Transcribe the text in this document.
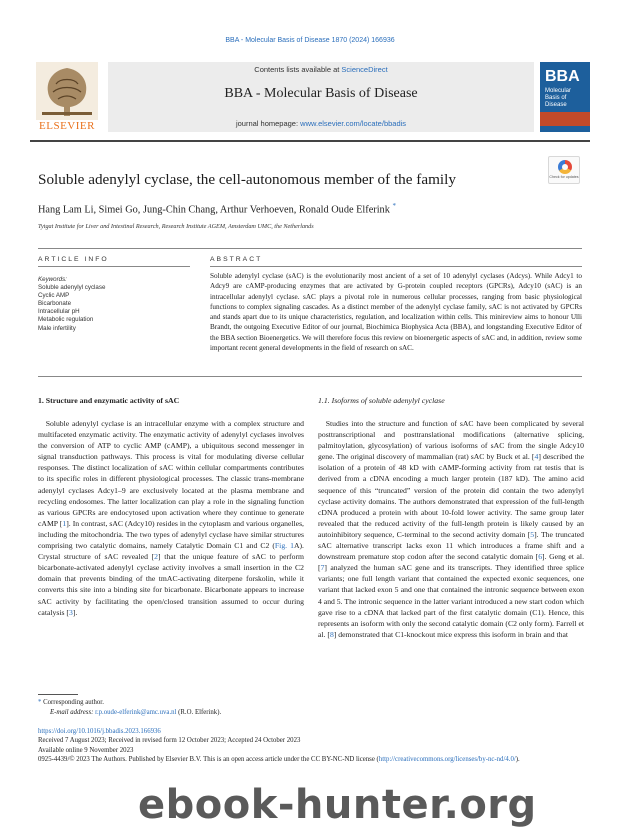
BBA - Molecular Basis of Disease 1870 (2024) 166936
ELSEVIER
Contents lists available at ScienceDirect
BBA - Molecular Basis of Disease
journal homepage: www.elsevier.com/locate/bbadis
BBA
Molecular Basis of Disease
Soluble adenylyl cyclase, the cell-autonomous member of the family	Check for updates
Hang Lam Li, Simei Go, Jung-Chin Chang, Arthur Verhoeven, Ronald Oude Elferink *
Tytgat Institute for Liver and Intestinal Research, Research Institute AGEM, Amsterdam UMC, the Netherlands
ARTICLE INFO	ABSTRACT
Keywords:
Soluble adenylyl cyclase
Cyclic AMP
Bicarbonate
Intracellular pH
Metabolic regulation
Male infertility
Soluble adenylyl cyclase (sAC) is the evolutionarily most ancient of a set of 10 adenylyl cyclases (Adcys). While Adcy1 to Adcy9 are cAMP-producing enzymes that are activated by G-protein coupled receptors (GPCRs), Adcy10 (sAC) is an intracellular adenylyl cyclase. sAC plays a pivotal role in numerous cellular processes, ranging from basic physiological functions to complex signaling cascades. As a distinct member of the adenylyl cyclase family, sAC is not activated by GPCRs and stands apart due to its unique characteristics, regulation, and localization within cells. This minireview aims to honour Ulli Brandt, the outgoing Executive Editor of our journal, Biochimica Biophysica Acta (BBA), and longstanding Executive Editor of the BBA section Bioenergetics. We will therefore focus this review on bioenergetic aspects of sAC and, in addition, review some important recent general developments in the field of research on sAC.
1. Structure and enzymatic activity of sAC

 Soluble adenylyl cyclase is an intracellular enzyme with a complex structure and multifaceted enzymatic activity. The enzymatic activity of adenylyl cyclases involves the conversion of ATP to cyclic AMP (cAMP), a ubiquitous second messenger in signal transduction pathways. This process is vital for modulating diverse cellular responses. The distinct localization of sAC within cellular compartments contributes to its specific roles in different physiological processes. The classic trans-membrane adenylyl cyclases Adcy1–9 are exclusively located at the plasma membrane and recycling endosomes. The latter localization can play a role in the signaling function as various GPCRs are endocytosed upon activation where they continue to generate cAMP [1]. In contrast, sAC (Adcy10) resides in the cytoplasm and various organelles, including the mitochondria. The two types of adenylyl cyclase have similar structures comprising two catalytic domains, namely Catalytic Domain C1 and C2 (Fig. 1A). Crystal structure of sAC revealed [2] that the unique feature of sAC to perform bicarbonate-activated adenylyl cyclase activity involves a small insertion in the C2 domain that prevents binding of the tmAC-activating diterpene forskolin, while it converts this site into a binding site for bicarbonate. Bicarbonate appears to increase sAC activity by facilitating the open/closed transition assumed to occur during catalysis [3].

1.1. Isoforms of soluble adenylyl cyclase

 Studies into the structure and function of sAC have been complicated by several posttranscriptional and posttranslational modifications (alternative splicing, palmitoylation, glycosylation) of various isoforms of sAC from the single Adcy10 gene. The original discovery of mammalian (rat) sAC by Buck et al. [4] described the isolation of a protein of 48 kD with cAMP-forming activity from rat testis that is derived from a cDNA encoding a much larger protein (187 kD). The amino acid sequence of this “truncated” version of the protein did contain the two adenylyl cyclase activity domains. The authors demonstrated that expression of the full-length cDNA produced a protein with about 10-fold lower activity. The same group later revealed that the reduced activity of the full-length protein is likely caused by an autoinhibitory sequence, C-terminal to the second activity domain [5]. The truncated sAC alternative transcript lacks exon 11 which introduces a frame shift and a downstream premature stop codon after the second catalytic domain [6]. Geng et al. [7] analyzed the human sAC gene and its transcripts. They identified three splice variants; one full length variant that contained the expected exonic sequences, one variant that lacked exon 5 and one that contained the intronic sequence between exon 4 and 5. The intronic sequence in the latter variant introduced a new start codon which gave rise to a cDNA that lacked part of the first catalytic domain (C1). Hence, this represents an isoform with only the second catalytic domain (C2 only form). Farrell et al. [8] demonstrated that C1-knockout mice express this isoform in brain and that

* Corresponding author.
E-mail address: r.p.oude-elferink@amc.uva.nl (R.O. Elferink).
https://doi.org/10.1016/j.bbadis.2023.166936
Received 7 August 2023; Received in revised form 12 October 2023; Accepted 24 October 2023
Available online 9 November 2023
0925-4439/© 2023 The Authors. Published by Elsevier B.V. This is an open access article under the CC BY-NC-ND license (http://creativecommons.org/licenses/by-nc-nd/4.0/).
ebook-hunter.org
